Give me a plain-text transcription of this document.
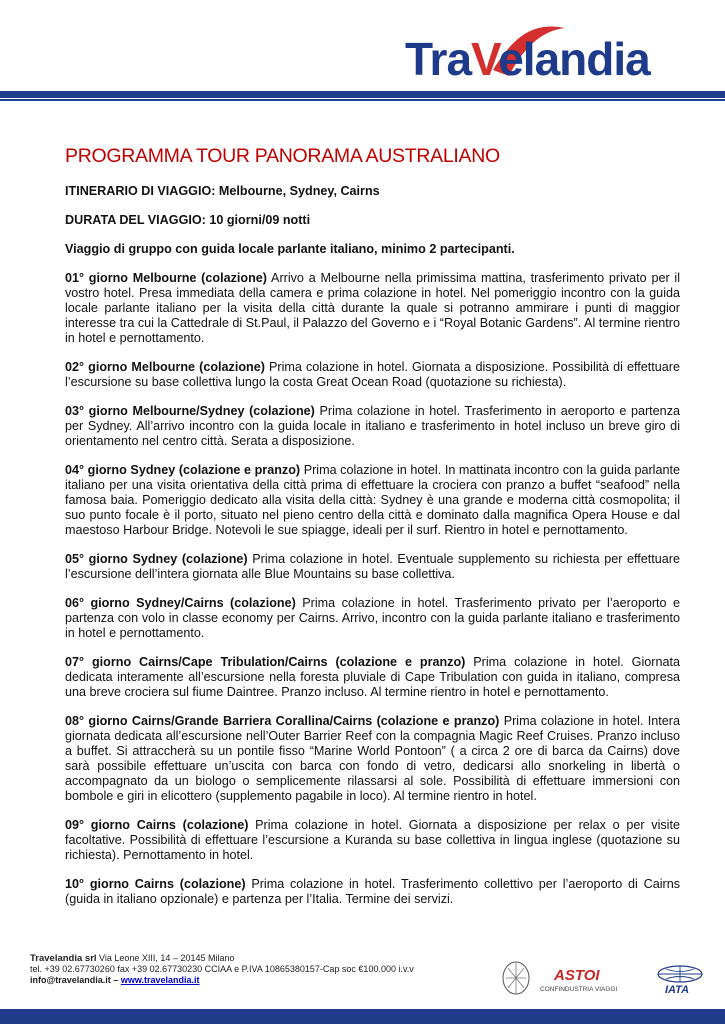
TraVelandia
PROGRAMMA TOUR PANORAMA AUSTRALIANO

ITINERARIO DI VIAGGIO: Melbourne, Sydney, Cairns

DURATA DEL VIAGGIO: 10 giorni/09 notti

Viaggio di gruppo con guida locale parlante italiano, minimo 2 partecipanti.

01° giorno Melbourne (colazione) Arrivo a Melbourne nella primissima mattina, trasferimento privato per il vostro hotel. Presa immediata della camera e prima colazione in hotel. Nel pomeriggio incontro con la guida locale parlante italiano per la visita della città durante la quale si potranno ammirare i punti di maggior interesse tra cui la Cattedrale di St.Paul, il Palazzo del Governo e i “Royal Botanic Gardens”. Al termine rientro in hotel e pernottamento.

02° giorno Melbourne (colazione) Prima colazione in hotel. Giornata a disposizione. Possibilità di effettuare l’escursione su base collettiva lungo la costa Great Ocean Road (quotazione su richiesta).

03° giorno Melbourne/Sydney (colazione) Prima colazione in hotel. Trasferimento in aeroporto e partenza per Sydney. All’arrivo incontro con la guida locale in italiano e trasferimento in hotel incluso un breve giro di orientamento nel centro città. Serata a disposizione.

04° giorno Sydney (colazione e pranzo) Prima colazione in hotel. In mattinata incontro con la guida parlante italiano per una visita orientativa della città prima di effettuare la crociera con pranzo a buffet “seafood” nella famosa baia. Pomeriggio dedicato alla visita della città: Sydney è una grande e moderna città cosmopolita; il suo punto focale è il porto, situato nel pieno centro della città e dominato dalla magnifica Opera House e dal maestoso Harbour Bridge. Notevoli le sue spiagge, ideali per il surf. Rientro in hotel e pernottamento.

05° giorno Sydney (colazione) Prima colazione in hotel. Eventuale supplemento su richiesta per effettuare l’escursione dell’intera giornata alle Blue Mountains su base collettiva.

06° giorno Sydney/Cairns (colazione) Prima colazione in hotel. Trasferimento privato per l’aeroporto e partenza con volo in classe economy per Cairns. Arrivo, incontro con la guida parlante italiano e trasferimento in hotel e pernottamento.

07° giorno Cairns/Cape Tribulation/Cairns (colazione e pranzo) Prima colazione in hotel. Giornata dedicata interamente all’escursione nella foresta pluviale di Cape Tribulation con guida in italiano, compresa una breve crociera sul fiume Daintree. Pranzo incluso. Al termine rientro in hotel e pernottamento.

08° giorno Cairns/Grande Barriera Corallina/Cairns (colazione e pranzo) Prima colazione in hotel. Intera giornata dedicata all’escursione nell’Outer Barrier Reef con la compagnia Magic Reef Cruises. Pranzo incluso a buffet. Si attraccherà su un pontile fisso “Marine World Pontoon” ( a circa 2 ore di barca da Cairns) dove sarà possibile effettuare un’uscita con barca con fondo di vetro, dedicarsi allo snorkeling in libertà o accompagnato da un biologo o semplicemente rilassarsi al sole. Possibilità di effettuare immersioni con bombole e giri in elicottero (supplemento pagabile in loco). Al termine rientro in hotel.

09° giorno Cairns (colazione) Prima colazione in hotel. Giornata a disposizione per relax o per visite facoltative. Possibilità di effettuare l’escursione a Kuranda su base collettiva in lingua inglese (quotazione su richiesta). Pernottamento in hotel.

10° giorno Cairns (colazione) Prima colazione in hotel. Trasferimento collettivo per l’aeroporto di Cairns (guida in italiano opzionale) e partenza per l’Italia. Termine dei servizi.

Travelandia srl Via Leone XIII, 14 – 20145 Milano
tel. +39 02.67730260 fax +39 02.67730230 CCIAA e P.IVA 10865380157-Cap soc €100.000 i.v.v
info@travelandia.it – www.travelandia.it	ASTOI
CONFINDUSTRIA VIAGGI	IATA
